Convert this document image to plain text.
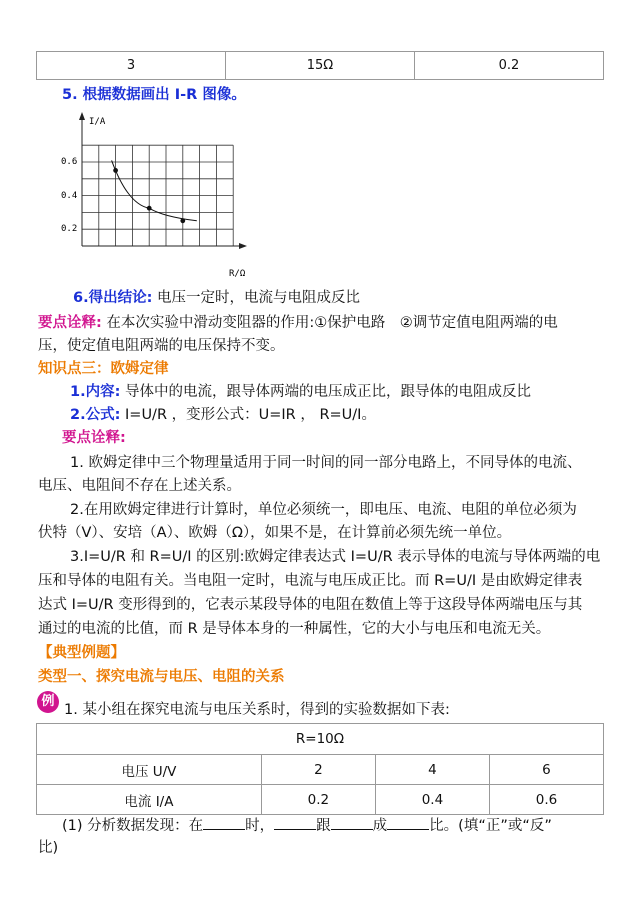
3	15Ω	0.2
5. 根据数据画出 I-R 图像。
I/A
R/Ω
0.6
0.4
0.2
6.得出结论: 电压一定时，电流与电阻成反比
要点诠释: 在本次实验中滑动变阻器的作用:①保护电路　②调节定值电阻两端的电
压，使定值电阻两端的电压保持不变。
知识点三：欧姆定律
1.内容: 导体中的电流，跟导体两端的电压成正比，跟导体的电阻成反比
2.公式: I=U/R ，变形公式：U=IR ， R=U/I。
要点诠释:
1. 欧姆定律中三个物理量适用于同一时间的同一部分电路上，不同导体的电流、
电压、电阻间不存在上述关系。
2.在用欧姆定律进行计算时，单位必须统一，即电压、电流、电阻的单位必须为
伏特（V）、安培（A）、欧姆（Ω），如果不是，在计算前必须先统一单位。
3.I=U/R 和 R=U/I 的区别:欧姆定律表达式 I=U/R 表示导体的电流与导体两端的电
压和导体的电阻有关。当电阻一定时，电流与电压成正比。而 R=U/I 是由欧姆定律表
达式 I=U/R 变形得到的，它表示某段导体的电阻在数值上等于这段导体两端电压与其
通过的电流的比值，而 R 是导体本身的一种属性，它的大小与电压和电流无关。
【典型例题】
类型一、探究电流与电压、电阻的关系
例
1. 某小组在探究电流与电压关系时，得到的实验数据如下表:
R=10Ω			
电压 U/V	2	4	6
电流 I/A	0.2	0.4	0.6
(1) 分析数据发现：在	时，	跟	成	比。(填“正”或“反”
比)
